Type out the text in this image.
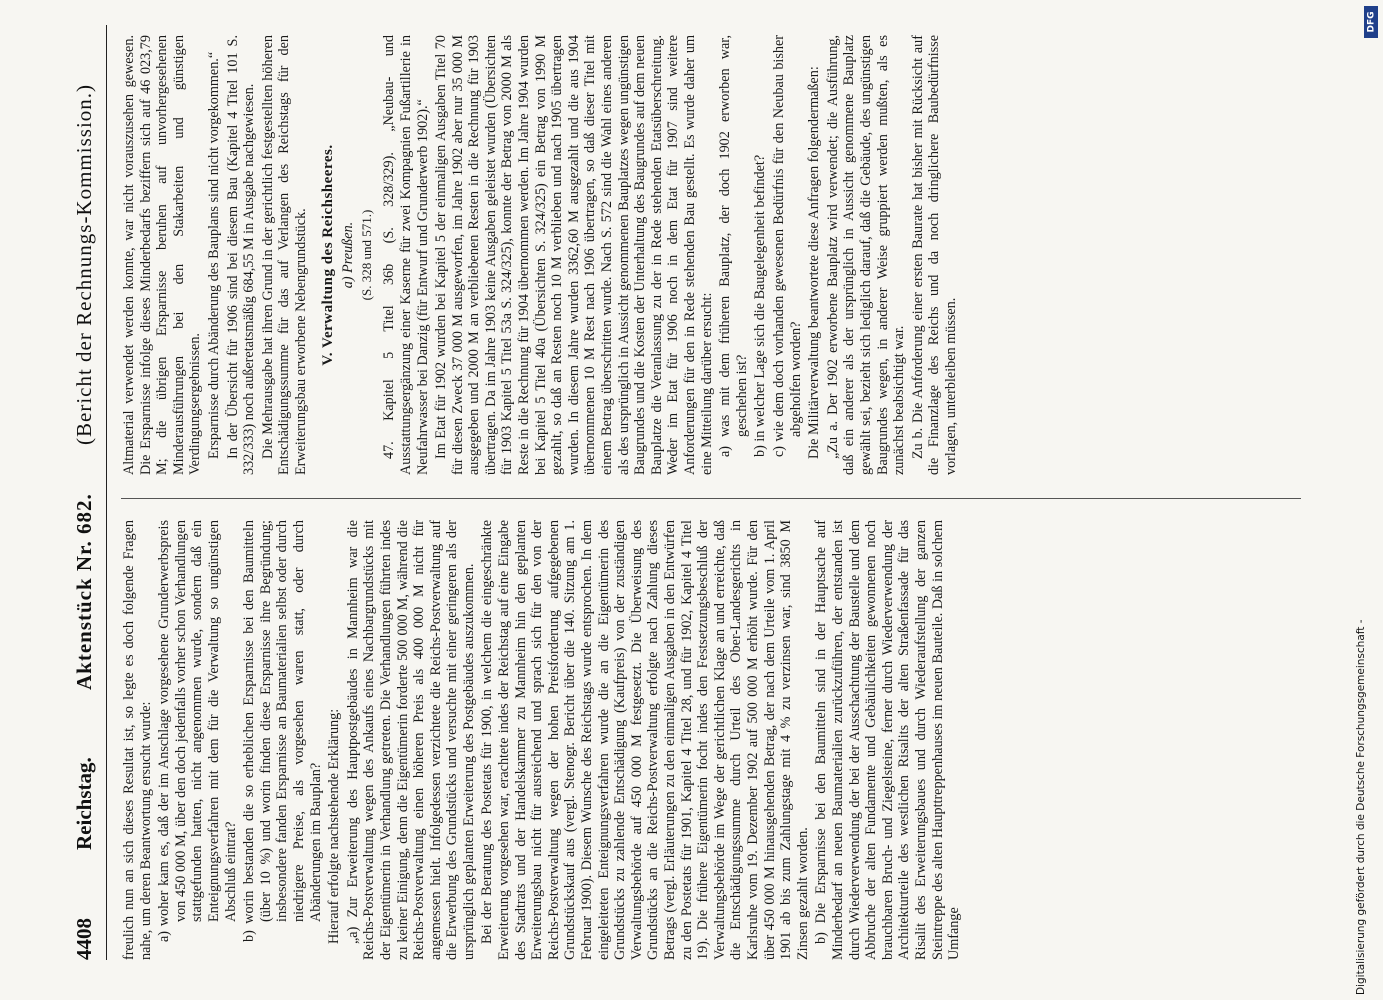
4408
Reichstag.
Aktenstück Nr. 682.
(Bericht der Rechnungs-Kommission.)

freulich nun an sich dieses Resultat ist, so legte es doch folgende Fragen nahe, um deren Beantwortung ersucht wurde: a) woher kam es, daß der im Anschlage vorgesehene Grunderwerbspreis von 450 000 M, über den doch jedenfalls vorher schon Verhandlungen stattgefunden hatten, nicht angenommen wurde, sondern daß ein Enteignungsverfahren mit dem für die Verwaltung so ungünstigen Abschluß eintrat? b) worin bestanden die so erheblichen Ersparnisse bei den Baumitteln (über 10 %) und worin finden diese Ersparnisse ihre Begründung; insbesondere fanden Ersparnisse an Baumaterialien selbst oder durch niedrigere Preise, als vorgesehen waren statt, oder durch Abänderungen im Bauplan? Hierauf erfolgte nachstehende Erklärung: „a) Zur Erweiterung des Hauptpostgebäudes in Mannheim war die Reichs-Postverwaltung wegen des Ankaufs eines Nachbargrundstücks mit der Eigentümerin in Verhandlung getreten. Die Verhandlungen führten indes zu keiner Einigung, denn die Eigentümerin forderte 500 000 M, während die Reichs-Postverwaltung einen höheren Preis als 400 000 M nicht für angemessen hielt. Infolgedessen verzichtete die Reichs-Postverwaltung auf die Erwerbung des Grundstücks und versuchte mit einer geringeren als der ursprünglich geplanten Erweiterung des Postgebäudes auszukommen. Bei der Beratung des Postetats für 1900, in welchem die eingeschränkte Erweiterung vorgesehen war, erachtete indes der Reichstag auf eine Eingabe des Stadtrats und der Handelskammer zu Mannheim hin den geplanten Erweiterungsbau nicht für ausreichend und sprach sich für den von der Reichs-Postverwaltung wegen der hohen Preisforderung aufgegebenen Grundstückskauf aus (vergl. Stenogr. Bericht über die 140. Sitzung am 1. Februar 1900). Diesem Wunsche des Reichstags wurde entsprochen. In dem eingeleiteten Enteignungsverfahren wurde die an die Eigentümerin des Grundstücks zu zahlende Entschädigung (Kaufpreis) von der zuständigen Verwaltungsbehörde auf 450 000 M festgesetzt. Die Überweisung des Grundstücks an die Reichs-Postverwaltung erfolgte nach Zahlung dieses Betrags (vergl. Erläuterungen zu den einmaligen Ausgaben in den Entwürfen zu den Postetats für 1901, Kapitel 4 Titel 28, und für 1902, Kapitel 4 Titel 19). Die frühere Eigentümerin focht indes den Festsetzungsbeschluß der Verwaltungsbehörde im Wege der gerichtlichen Klage an und erreichte, daß die Entschädigungssumme durch Urteil des Ober-Landesgerichts in Karlsruhe vom 19. Dezember 1902 auf 500 000 M erhöht wurde. Für den über 450 000 M hinausgehenden Betrag, der nach dem Urteile vom 1. April 1901 ab bis zum Zahlungstage mit 4 % zu verzinsen war, sind 3850 M Zinsen gezahlt worden. b) Die Ersparnisse bei den Baumitteln sind in der Hauptsache auf Minderbedarf an neuen Baumaterialien zurückzuführen, der entstanden ist durch Wiederverwendung der bei der Ausschachtung der Baustelle und dem Abbruche der alten Fundamente und Gebäulichkeiten gewonnenen noch brauchbaren Bruch- und Ziegelsteine, ferner durch Wiederverwendung der Architekturteile des westlichen Risalits der alten Straßenfassade für das Risalit des Erweiterungsbaues und durch Wiederaufstellung der ganzen Steintreppe des alten Haupttreppenhauses im neuen Bauteile. Daß in solchem Umfange

Altmaterial verwendet werden konnte, war nicht vorauszusehen gewesen. Die Ersparnisse infolge dieses Minderbedarfs beziffern sich auf 46 023,79 M; die übrigen Ersparnisse beruhen auf unvorhergesehenen Minderausführungen bei den Stakarbeiten und günstigen Verdingungsergebnissen. Ersparnisse durch Abänderung des Bauplans sind nicht vorgekommen.“ In der Übersicht für 1906 sind bei diesem Bau (Kapitel 4 Titel 101 S. 332/333) noch außeretatsmäßig 684,55 M in Ausgabe nachgewiesen. Die Mehrausgabe hat ihren Grund in der gerichtlich festgestellten höheren Entschädigungssumme für das auf Verlangen des Reichstags für den Erweiterungsbau erworbene Nebengrundstück. V. Verwaltung des Reichsheeres. a) Preußen. (S. 328 und 571.) 47. Kapitel 5 Titel 36b (S. 328/329). „Neubau- und Ausstattungsergänzung einer Kaserne für zwei Kompagnien Fußartillerie in Neufahrwasser bei Danzig (für Entwurf und Grunderwerb 1902).“ Im Etat für 1902 wurden bei Kapitel 5 der einmaligen Ausgaben Titel 70 für diesen Zweck 37 000 M ausgeworfen, im Jahre 1902 aber nur 35 000 M ausgegeben und 2000 M an verbliebenen Resten in die Rechnung für 1903 übertragen. Da im Jahre 1903 keine Ausgaben geleistet wurden (Übersichten für 1903 Kapitel 5 Titel 53a S. 324/325), konnte der Betrag von 2000 M als Reste in die Rechnung für 1904 übernommen werden. Im Jahre 1904 wurden bei Kapitel 5 Titel 40a (Übersichten S. 324/325) ein Betrag von 1990 M gezahlt, so daß an Resten noch 10 M verblieben und nach 1905 übertragen wurden. In diesem Jahre wurden 3362,60 M ausgezahlt und die aus 1904 übernommenen 10 M Rest nach 1906 übertragen, so daß dieser Titel mit einem Betrag überschritten wurde. Nach S. 572 sind die Wahl eines anderen als des ursprünglich in Aussicht genommenen Bauplatzes wegen ungünstigen Baugrundes und die Kosten der Unterhaltung des Baugrundes auf dem neuen Bauplatze die Veranlassung zu der in Rede stehenden Etatsüberschreitung. Weder im Etat für 1906 noch in dem Etat für 1907 sind weitere Anforderungen für den in Rede stehenden Bau gestellt. Es wurde daher um eine Mitteilung darüber ersucht: a) was mit dem früheren Bauplatz, der doch 1902 erworben war, geschehen ist? b) in welcher Lage sich die Baugelegenheit befindet? c) wie dem doch vorhanden gewesenen Bedürfnis für den Neubau bisher abgeholfen worden? Die Militärverwaltung beantwortete diese Anfragen folgendermaßen: „Zu a. Der 1902 erworbene Bauplatz wird verwendet; die Ausführung, daß ein anderer als der ursprünglich in Aussicht genommene Bauplatz gewählt sei, bezieht sich lediglich darauf, daß die Gebäude, des ungünstigen Baugrundes wegen, in anderer Weise gruppiert werden mußten, als es zunächst beabsichtigt war. Zu b. Die Anforderung einer ersten Baurate hat bisher mit Rücksicht auf die Finanzlage des Reichs und da noch dringlichere Baubedürfnisse vorlagen, unterbleiben müssen.

DFG
Digitalisierung gefördert durch die Deutsche Forschungsgemeinschaft -
